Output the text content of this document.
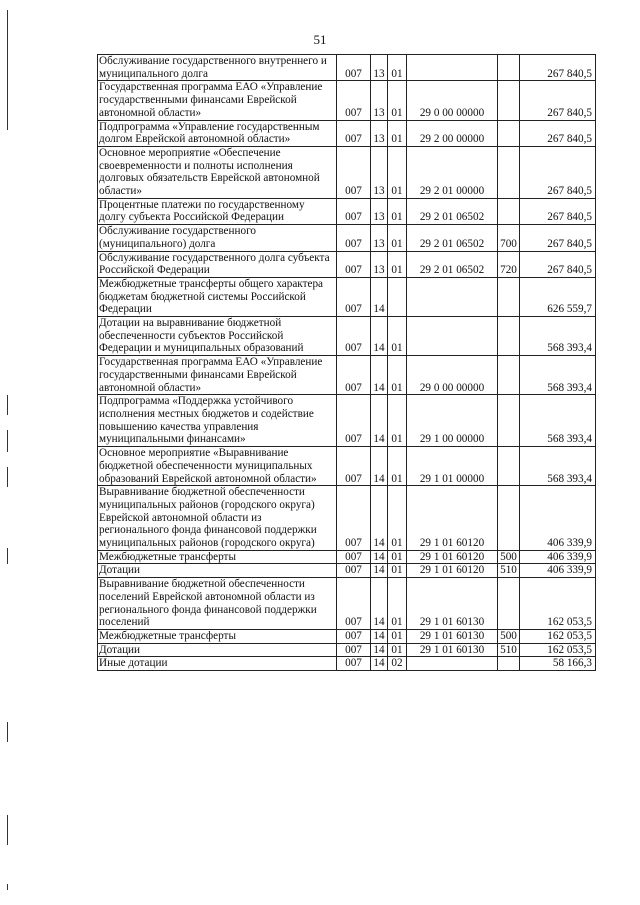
51
Обслуживание государственного внутреннего и муниципального долга	007	13	01			267 840,5
Государственная программа ЕАО «Управление государственными финансами Еврейской автономной области»	007	13	01	29 0 00 00000		267 840,5
Подпрограмма «Управление государственным долгом Еврейской автономной области»	007	13	01	29 2 00 00000		267 840,5
Основное мероприятие «Обеспечение своевременности и полноты исполнения долговых обязательств Еврейской автономной области»	007	13	01	29 2 01 00000		267 840,5
Процентные платежи по государственному долгу субъекта Российской Федерации	007	13	01	29 2 01 06502		267 840,5
Обслуживание государственного (муниципального) долга	007	13	01	29 2 01 06502	700	267 840,5
Обслуживание государственного долга субъекта Российской Федерации	007	13	01	29 2 01 06502	720	267 840,5
Межбюджетные трансферты общего характера бюджетам бюджетной системы Российской Федерации	007	14				626 559,7
Дотации на выравнивание бюджетной обеспеченности субъектов Российской Федерации и муниципальных образований	007	14	01			568 393,4
Государственная программа ЕАО «Управление государственными финансами Еврейской автономной области»	007	14	01	29 0 00 00000		568 393,4
Подпрограмма «Поддержка устойчивого исполнения местных бюджетов и содействие повышению качества управления муниципальными финансами»	007	14	01	29 1 00 00000		568 393,4
Основное мероприятие «Выравнивание бюджетной обеспеченности муниципальных образований Еврейской автономной области»	007	14	01	29 1 01 00000		568 393,4
Выравнивание бюджетной обеспеченности муниципальных районов (городского округа) Еврейской автономной области из регионального фонда финансовой поддержки муниципальных районов (городского округа)	007	14	01	29 1 01 60120		406 339,9
Межбюджетные трансферты	007	14	01	29 1 01 60120	500	406 339,9
Дотации	007	14	01	29 1 01 60120	510	406 339,9
Выравнивание бюджетной обеспеченности поселений Еврейской автономной области из регионального фонда финансовой поддержки поселений	007	14	01	29 1 01 60130		162 053,5
Межбюджетные трансферты	007	14	01	29 1 01 60130	500	162 053,5
Дотации	007	14	01	29 1 01 60130	510	162 053,5
Иные дотации	007	14	02			58 166,3
